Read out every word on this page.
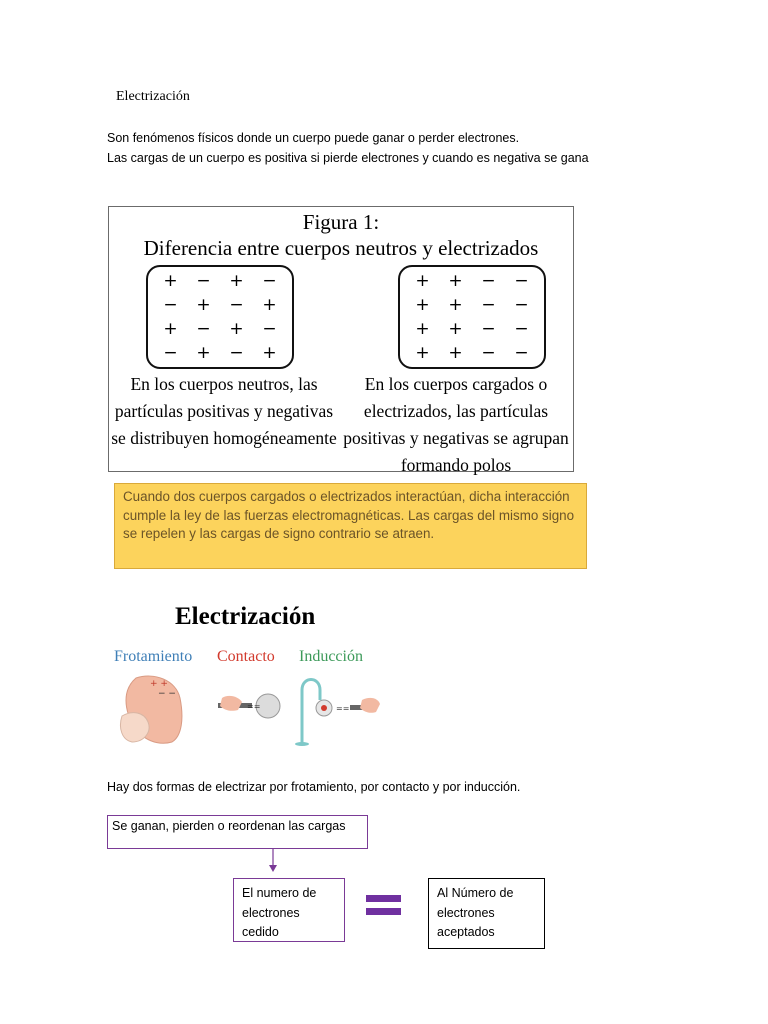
Electrización
Son fenómenos físicos donde un cuerpo puede ganar o perder electrones.
Las cargas de un cuerpo es positiva si pierde electrones y cuando es negativa se gana
Figura 1:
Diferencia entre cuerpos neutros y electrizados
+	−	+	−
−	+	−	+
+	−	+	−
−	+	−	+
+	+	−	−
+	+	−	−
+	+	−	−
+	+	−	−
En los cuerpos neutros, las partículas positivas y negativas se distribuyen homogéneamente
En los cuerpos cargados o electrizados, las partículas positivas y negativas se agrupan formando polos
Cuando dos cuerpos cargados o electrizados interactúan, dicha interacción cumple la ley de las fuerzas electromagnéticas. Las cargas del mismo signo se repelen y las cargas de signo contrario se atraen.
Electrización
Frotamiento Contacto Inducción
+ +
− −
==	==
Hay dos formas de electrizar por frotamiento, por contacto y por inducción.
Se ganan, pierden o reordenan las cargas
El numero de electrones cedido
Al Número de electrones aceptados
